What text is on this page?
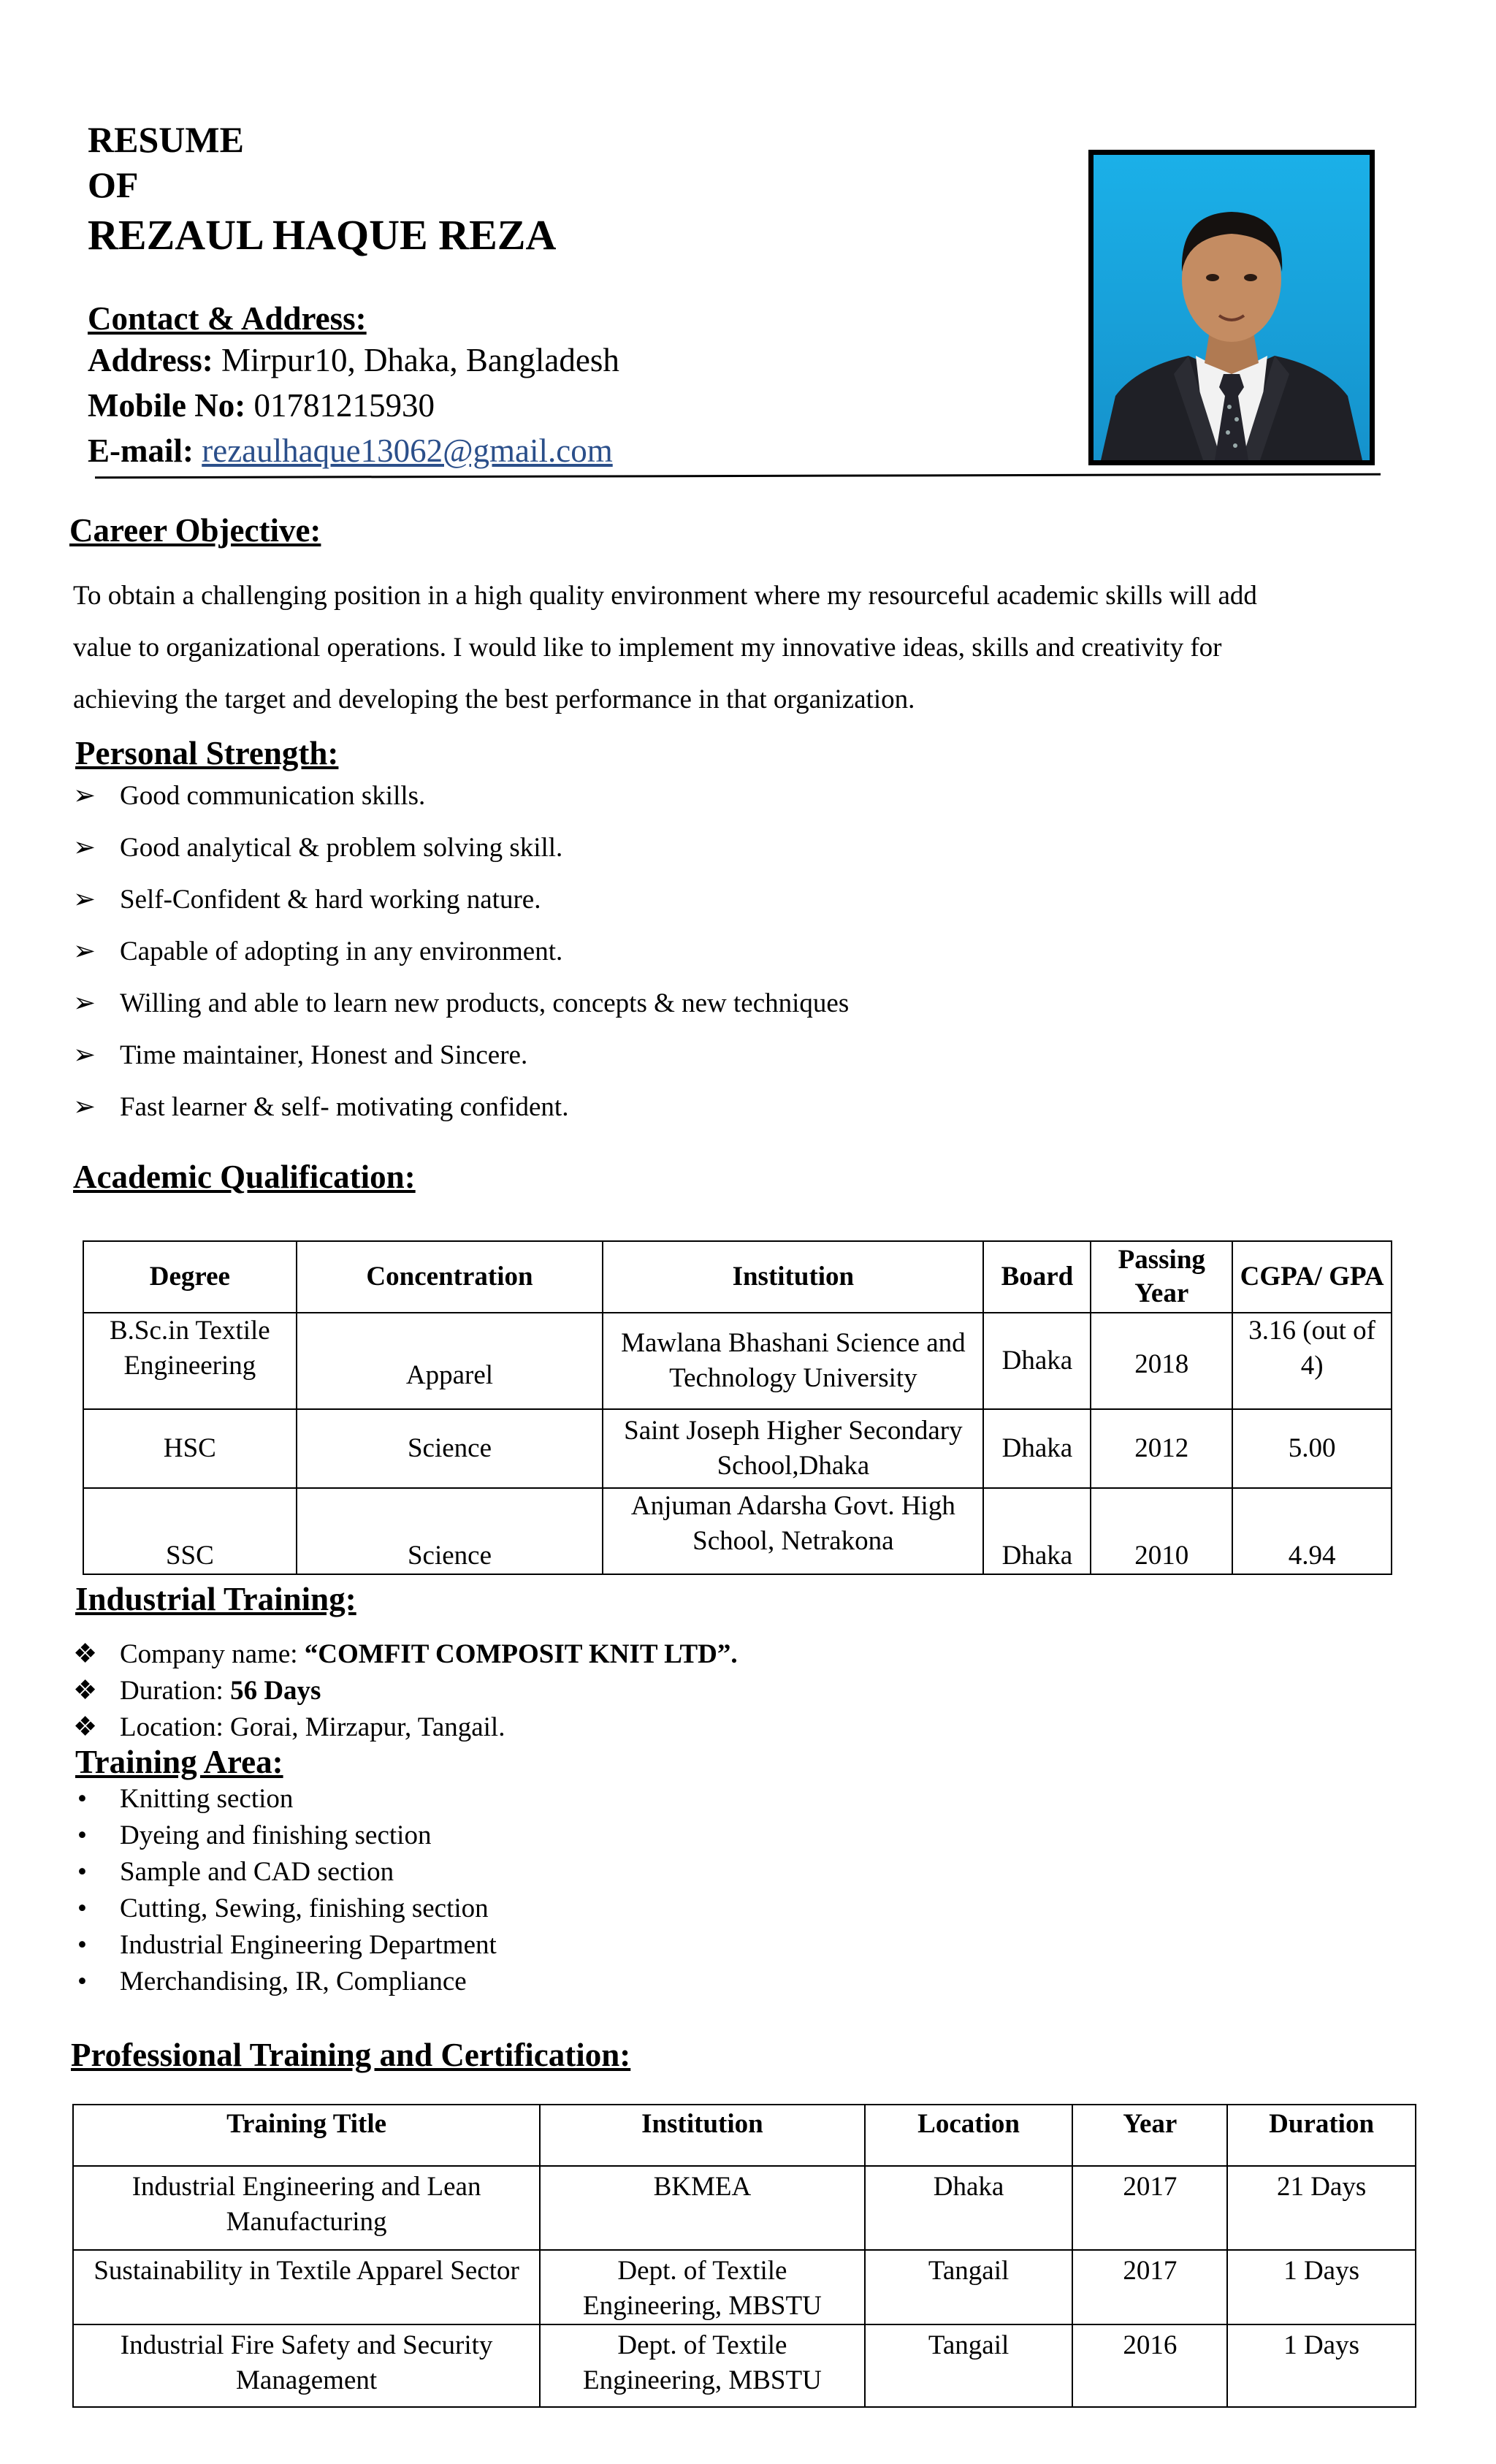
RESUME
OF
REZAUL HAQUE REZA
Contact & Address:
Address: Mirpur10, Dhaka, Bangladesh
Mobile No: 01781215930
E-mail: rezaulhaque13062@gmail.com
Career Objective:
To obtain a challenging position in a high quality environment where my resourceful academic skills will add
value to organizational operations. I would like to implement my innovative ideas, skills and creativity for
achieving the target and developing the best performance in that organization.
Personal Strength:
➢ Good communication skills.
➢ Good analytical & problem solving skill.
➢ Self-Confident & hard working nature.
➢ Capable of adopting in any environment.
➢ Willing and able to learn new products, concepts & new techniques
➢ Time maintainer, Honest and Sincere.
➢ Fast learner & self- motivating confident.
Academic Qualification:
Degree	Concentration	Institution	Board	Passing Year	CGPA/ GPA
B.Sc.in Textile Engineering	Apparel	Mawlana Bhashani Science and Technology University	Dhaka	2018	3.16 (out of 4)
HSC	Science	Saint Joseph Higher Secondary School,Dhaka	Dhaka	2012	5.00
SSC	Science	Anjuman Adarsha Govt. High School, Netrakona	Dhaka	2010	4.94
Industrial Training:
❖ Company name: “COMFIT COMPOSIT KNIT LTD”.
❖ Duration: 56 Days
❖ Location: Gorai, Mirzapur, Tangail.
Training Area:
• Knitting section
• Dyeing and finishing section
• Sample and CAD section
• Cutting, Sewing, finishing section
• Industrial Engineering Department
• Merchandising, IR, Compliance
Professional Training and Certification:
Training Title	Institution	Location	Year	Duration
Industrial Engineering and Lean Manufacturing	BKMEA	Dhaka	2017	21 Days
Sustainability in Textile Apparel Sector	Dept. of Textile Engineering, MBSTU	Tangail	2017	1 Days
Industrial Fire Safety and Security Management	Dept. of Textile Engineering, MBSTU	Tangail	2016	1 Days
